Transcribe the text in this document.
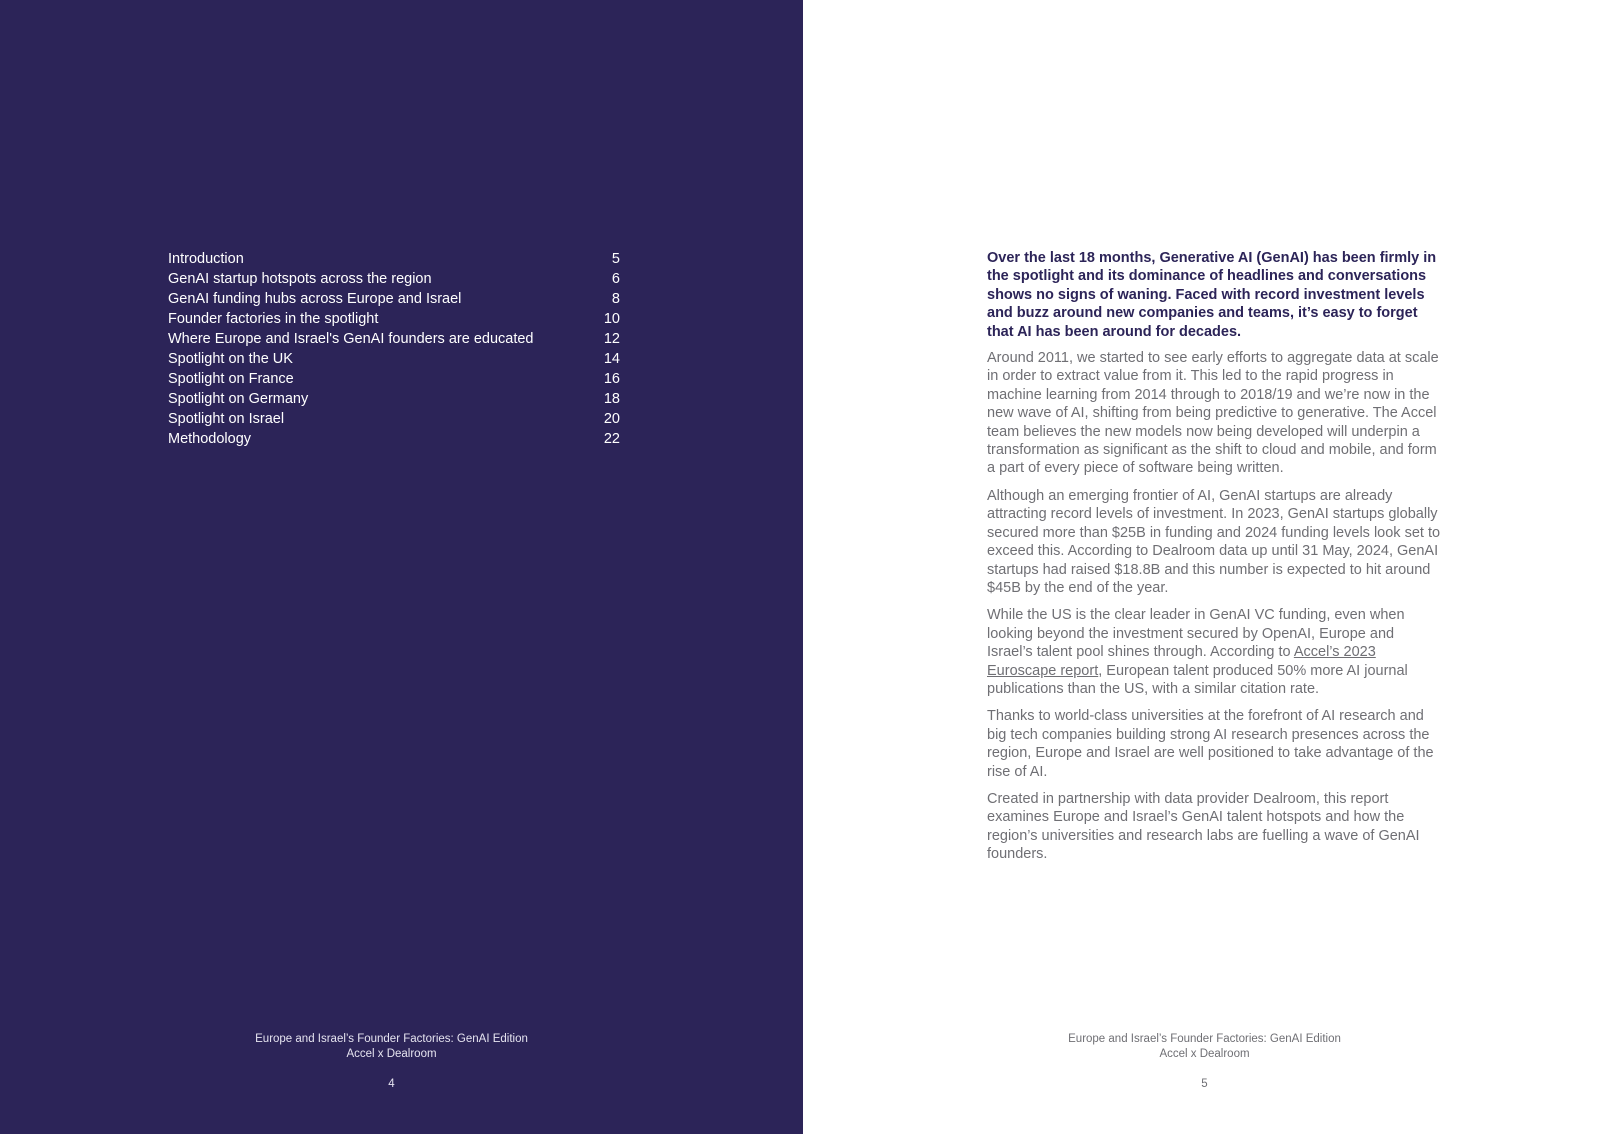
Introduction	5
GenAI startup hotspots across the region	6
GenAI funding hubs across Europe and Israel	8
Founder factories in the spotlight	10
Where Europe and Israel's GenAI founders are educated	12
Spotlight on the UK	14
Spotlight on France	16
Spotlight on Germany	18
Spotlight on Israel	20
Methodology	22
Europe and Israel’s Founder Factories: GenAI Edition
Accel x Dealroom
4

Over the last 18 months, Generative AI (GenAI) has been firmly in the spotlight and its dominance of headlines and conversations shows no signs of waning. Faced with record investment levels and buzz around new companies and teams, it’s easy to forget that AI has been around for decades.

Around 2011, we started to see early efforts to aggregate data at scale in order to extract value from it. This led to the rapid progress in machine learning from 2014 through to 2018/19 and we’re now in the new wave of AI, shifting from being predictive to generative. The Accel team believes the new models now being developed will underpin a transformation as significant as the shift to cloud and mobile, and form a part of every piece of software being written.

Although an emerging frontier of AI, GenAI startups are already attracting record levels of investment. In 2023, GenAI startups globally secured more than $25B in funding and 2024 funding levels look set to exceed this. According to Dealroom data up until 31 May, 2024, GenAI startups had raised $18.8B and this number is expected to hit around $45B by the end of the year.

While the US is the clear leader in GenAI VC funding, even when looking beyond the investment secured by OpenAI, Europe and Israel’s talent pool shines through. According to Accel’s 2023 Euroscape report, European talent produced 50% more AI journal publications than the US, with a similar citation rate.

Thanks to world-class universities at the forefront of AI research and big tech companies building strong AI research presences across the region, Europe and Israel are well positioned to take advantage of the rise of AI.

Created in partnership with data provider Dealroom, this report examines Europe and Israel’s GenAI talent hotspots and how the region’s universities and research labs are fuelling a wave of GenAI founders.

Europe and Israel’s Founder Factories: GenAI Edition
Accel x Dealroom
5
